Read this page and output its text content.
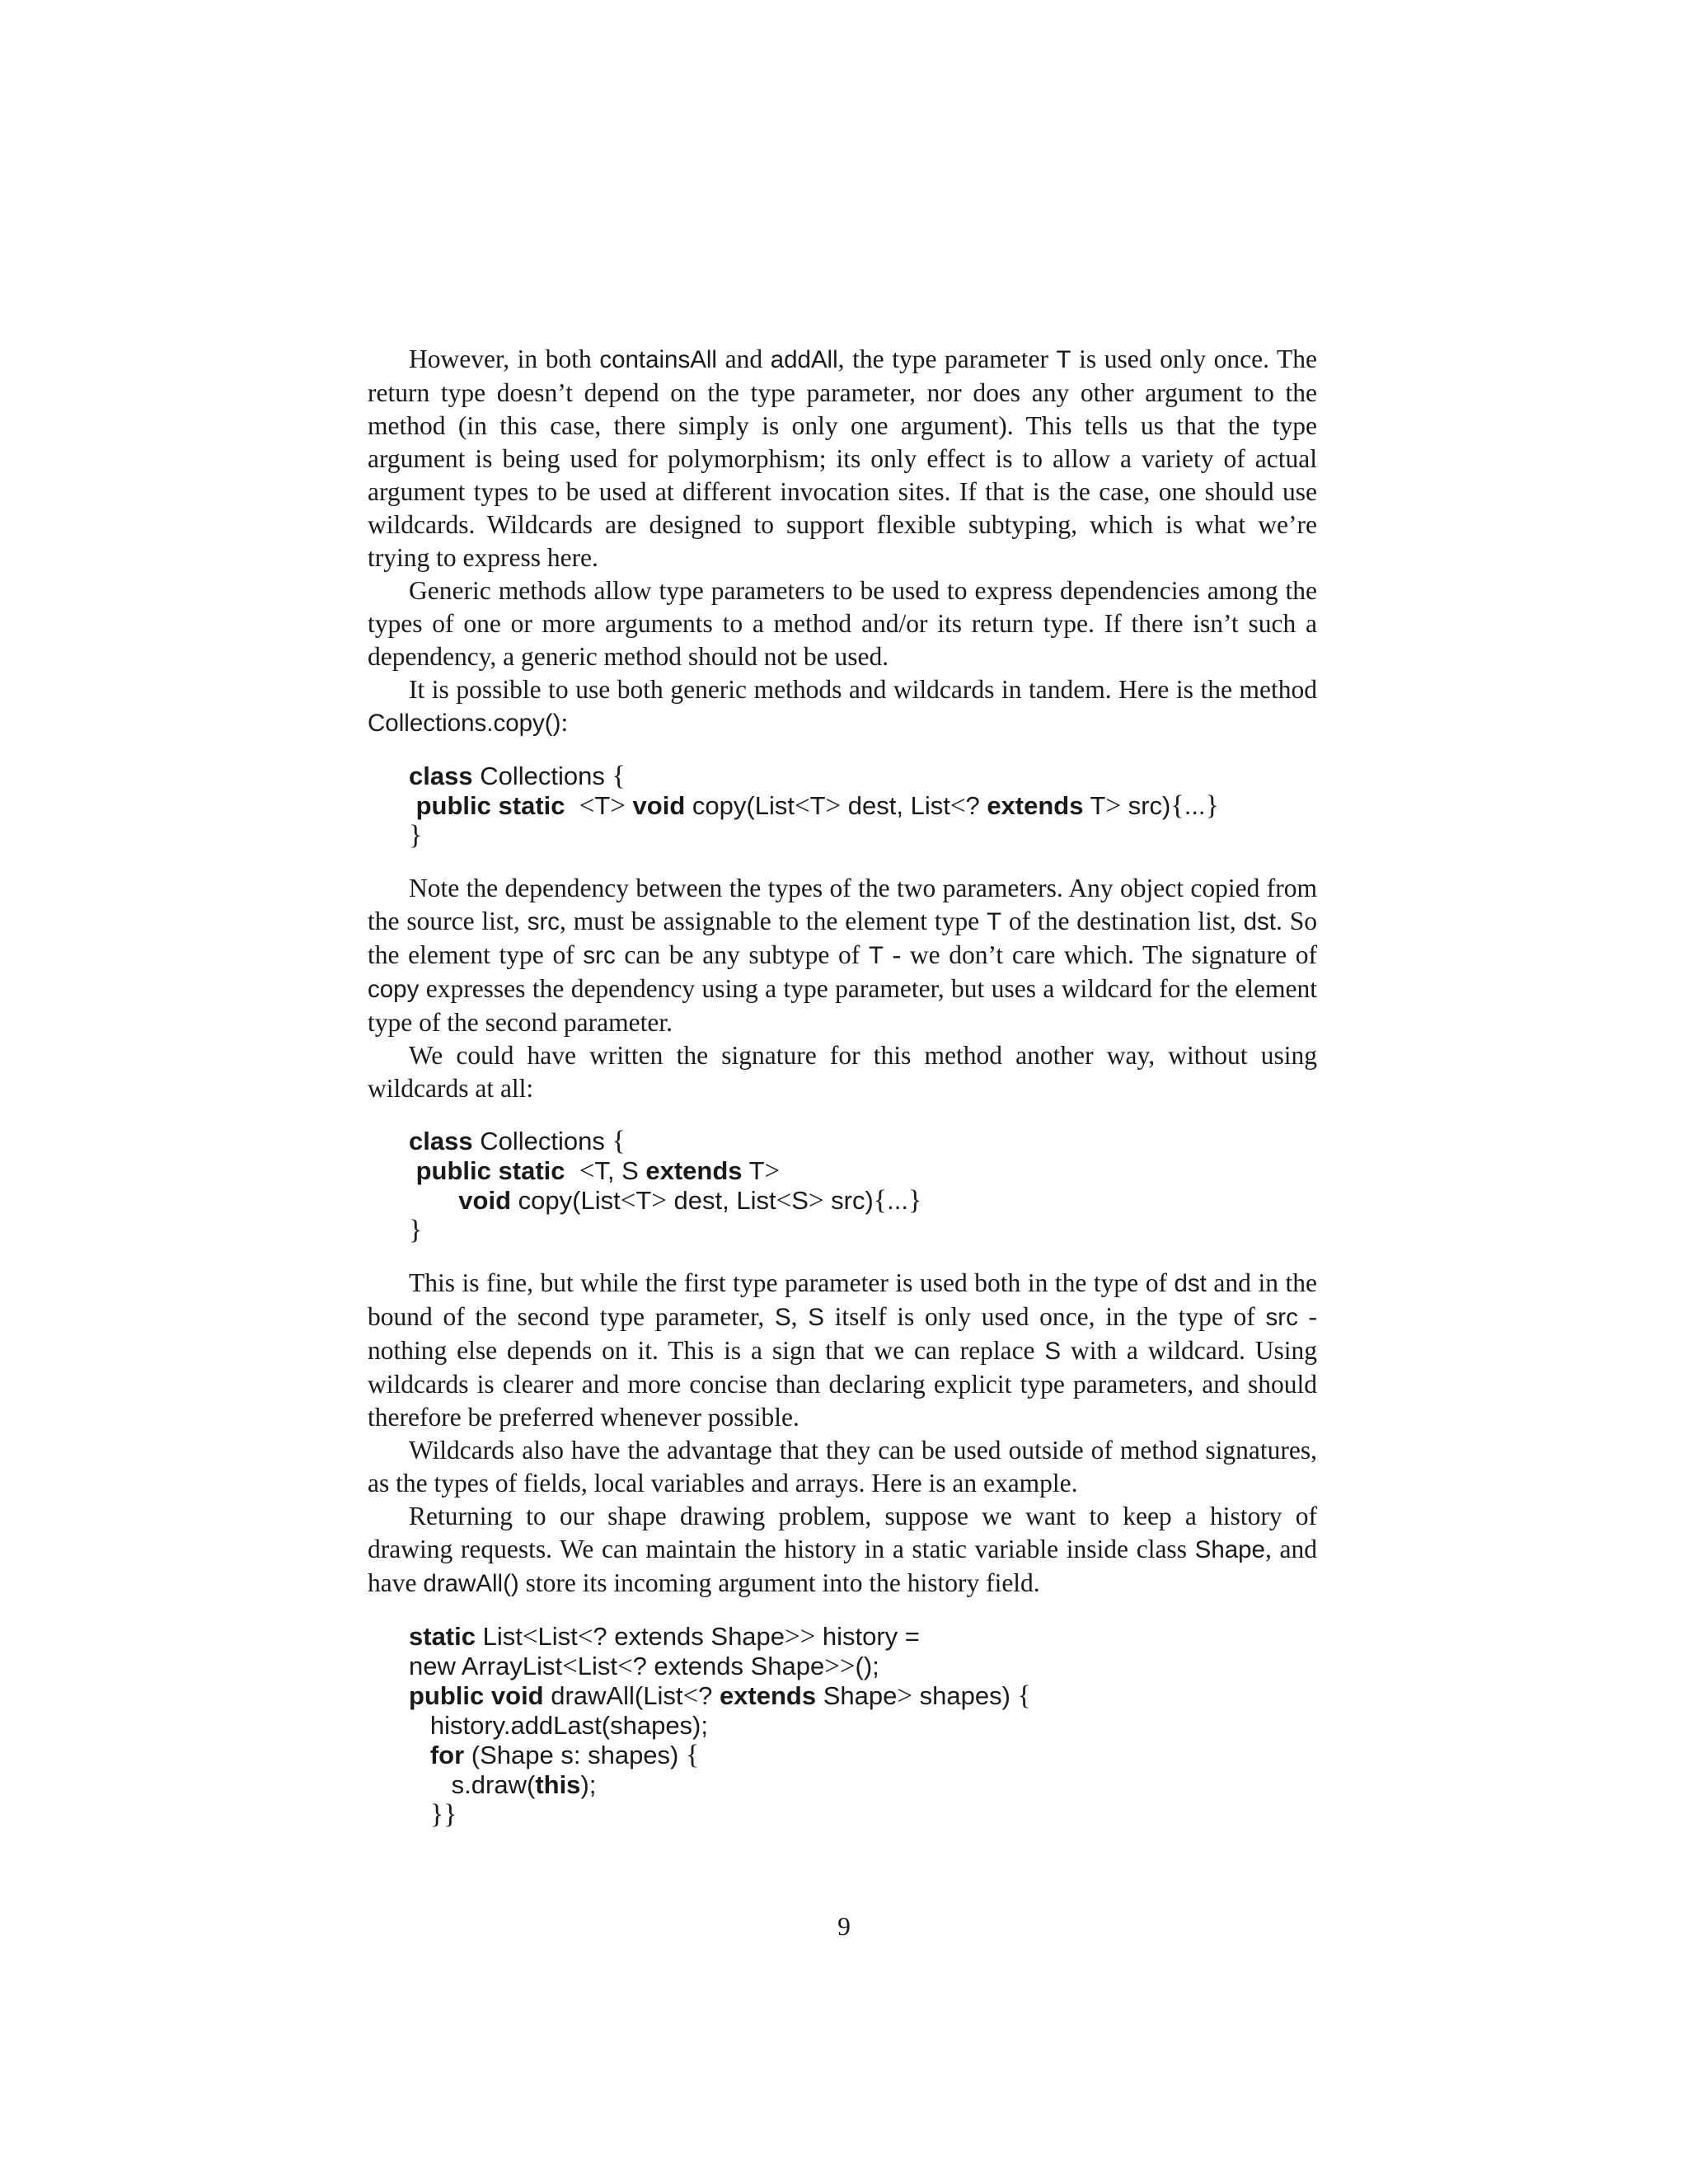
However, in both containsAll and addAll, the type parameter T is used only once. The return type doesn’t depend on the type parameter, nor does any other argument to the method (in this case, there simply is only one argument). This tells us that the type argument is being used for polymorphism; its only effect is to allow a variety of actual argument types to be used at different invocation sites. If that is the case, one should use wildcards. Wildcards are designed to support flexible subtyping, which is what we’re trying to express here.

Generic methods allow type parameters to be used to express dependencies among the types of one or more arguments to a method and/or its return type. If there isn’t such a dependency, a generic method should not be used.

It is possible to use both generic methods and wildcards in tandem. Here is the method Collections.copy():

class Collections {
public static <T> void copy(List<T> dest, List<? extends T> src){...}
}

Note the dependency between the types of the two parameters. Any object copied from the source list, src, must be assignable to the element type T of the destination list, dst. So the element type of src can be any subtype of T - we don’t care which. The signature of copy expresses the dependency using a type parameter, but uses a wildcard for the element type of the second parameter.

We could have written the signature for this method another way, without using wildcards at all:

class Collections {
public static <T, S extends T>
void copy(List<T> dest, List<S> src){...}
}

This is fine, but while the first type parameter is used both in the type of dst and in the bound of the second type parameter, S, S itself is only used once, in the type of src - nothing else depends on it. This is a sign that we can replace S with a wildcard. Using wildcards is clearer and more concise than declaring explicit type parameters, and should therefore be preferred whenever possible.

Wildcards also have the advantage that they can be used outside of method signatures, as the types of fields, local variables and arrays. Here is an example.

Returning to our shape drawing problem, suppose we want to keep a history of drawing requests. We can maintain the history in a static variable inside class Shape, and have drawAll() store its incoming argument into the history field.

static List<List<? extends Shape>> history =
new ArrayList<List<? extends Shape>>();
public void drawAll(List<? extends Shape> shapes) {
history.addLast(shapes);
for (Shape s: shapes) {
s.draw(this);
}}
9
